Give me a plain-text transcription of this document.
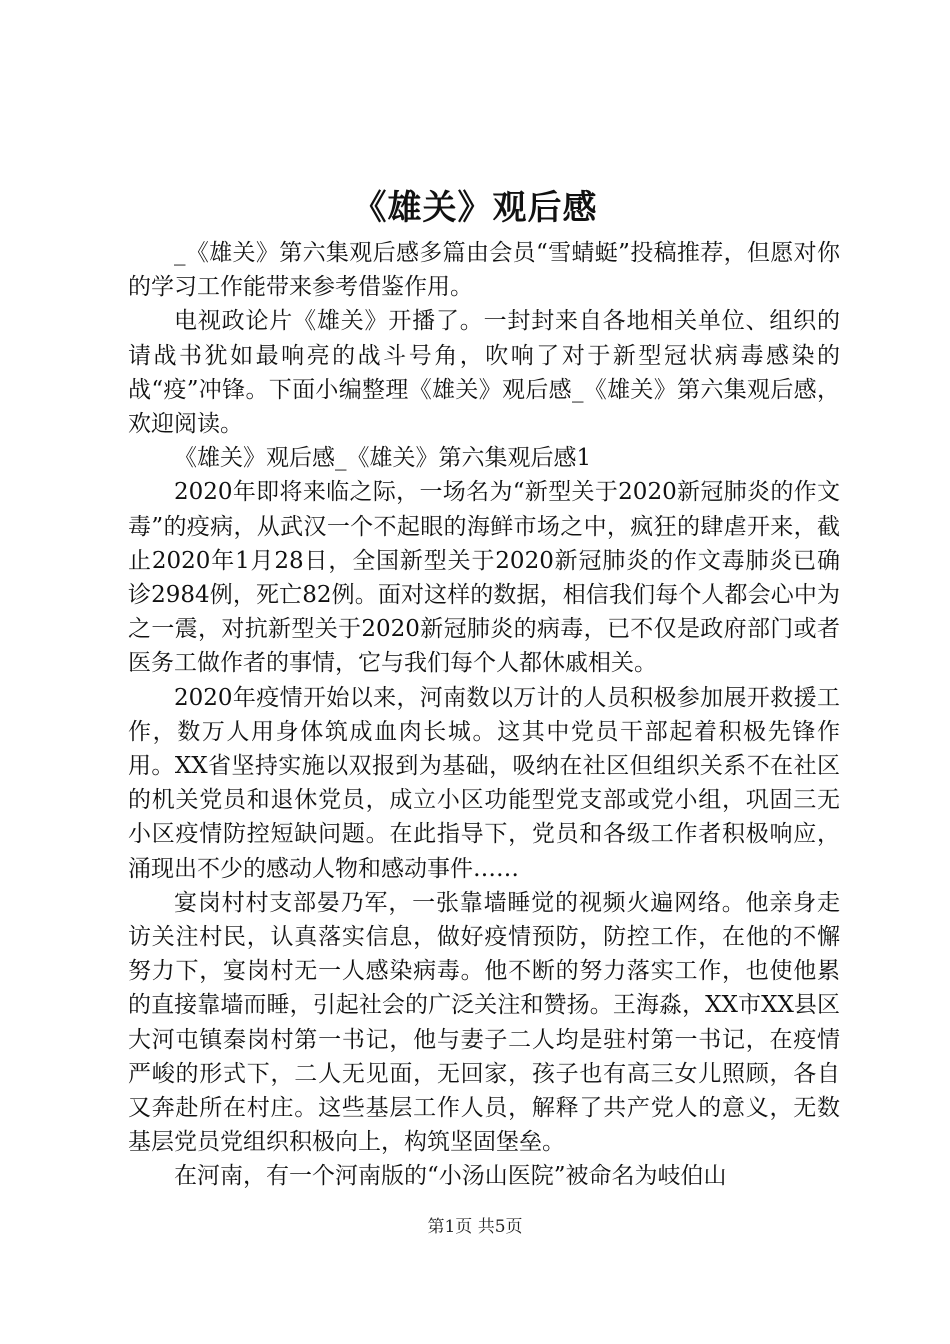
《雄关》观后感

_《雄关》第六集观后感多篇由会员“雪蜻蜓”投稿推荐，但愿对你的学习工作能带来参考借鉴作用。

电视政论片《雄关》开播了。一封封来自各地相关单位、组织的请战书犹如最响亮的战斗号角，吹响了对于新型冠状病毒感染的战“疫”冲锋。下面小编整理《雄关》观后感_《雄关》第六集观后感，欢迎阅读。

《雄关》观后感_《雄关》第六集观后感1

2020年即将来临之际，一场名为“新型关于2020新冠肺炎的作文毒”的疫病，从武汉一个不起眼的海鲜市场之中，疯狂的肆虐开来，截止2020年1月28日，全国新型关于2020新冠肺炎的作文毒肺炎已确诊2984例，死亡82例。面对这样的数据，相信我们每个人都会心中为之一震，对抗新型关于2020新冠肺炎的病毒，已不仅是政府部门或者医务工做作者的事情，它与我们每个人都休戚相关。

2020年疫情开始以来，河南数以万计的人员积极参加展开救援工作，数万人用身体筑成血肉长城。这其中党员干部起着积极先锋作用。XX省坚持实施以双报到为基础，吸纳在社区但组织关系不在社区的机关党员和退休党员，成立小区功能型党支部或党小组，巩固三无小区疫情防控短缺问题。在此指导下，党员和各级工作者积极响应，涌现出不少的感动人物和感动事件……

宴岗村村支部晏乃军，一张靠墙睡觉的视频火遍网络。他亲身走访关注村民，认真落实信息，做好疫情预防，防控工作，在他的不懈努力下，宴岗村无一人感染病毒。他不断的努力落实工作，也使他累的直接靠墙而睡，引起社会的广泛关注和赞扬。王海淼，XX市XX县区大河屯镇秦岗村第一书记，他与妻子二人均是驻村第一书记，在疫情严峻的形式下，二人无见面，无回家，孩子也有高三女儿照顾，各自又奔赴所在村庄。这些基层工作人员，解释了共产党人的意义，无数基层党员党组织积极向上，构筑坚固堡垒。

在河南，有一个河南版的“小汤山医院”被命名为岐伯山

第1页 共5页
